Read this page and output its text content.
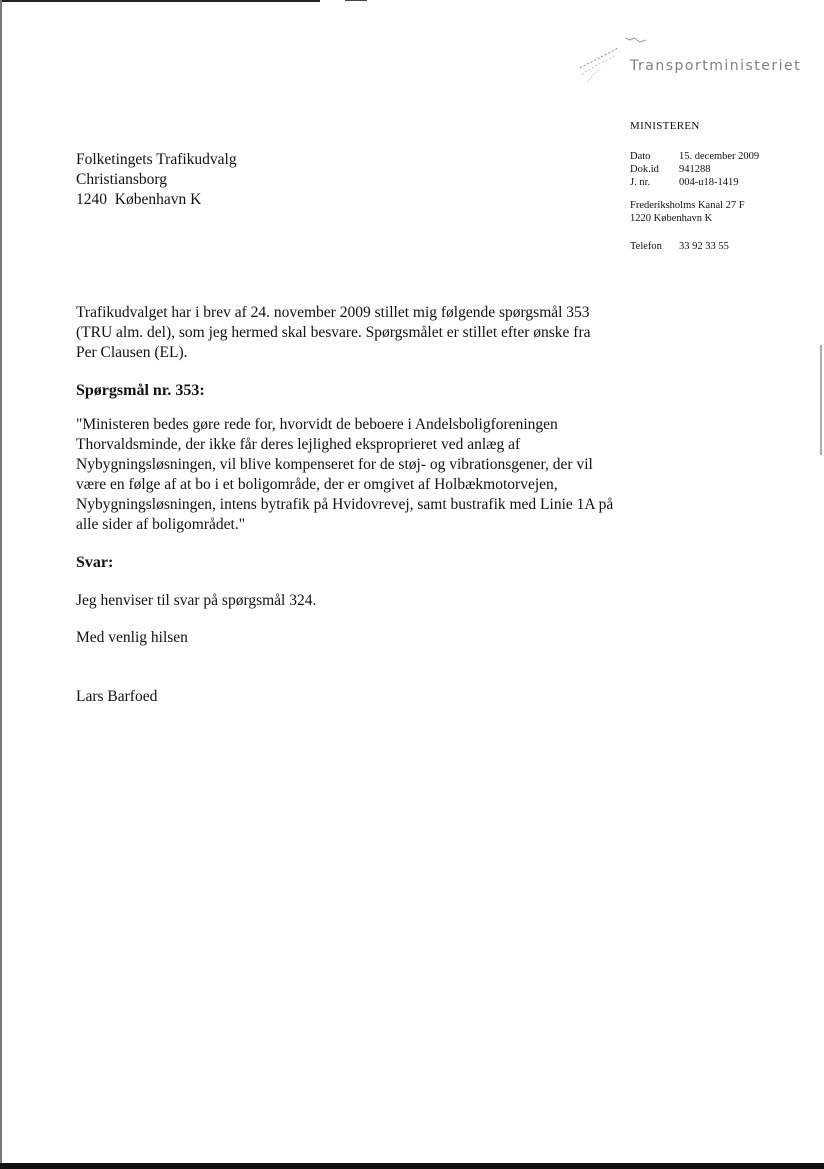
Transportministeriet
MINISTEREN
Dato	15. december 2009
Dok.id 941288
J. nr.	004-u18-1419
Frederiksholms Kanal 27 F
1220 København K
Telefon 33 92 33 55
Folketingets Trafikudvalg
Christiansborg
1240  København K
Trafikudvalget har i brev af 24. november 2009 stillet mig følgende spørgsmål 353 (TRU alm. del), som jeg hermed skal besvare. Spørgsmålet er stillet efter ønske fra Per Clausen (EL).
Spørgsmål nr. 353:
"Ministeren bedes gøre rede for, hvorvidt de beboere i Andelsboligforeningen Thorvaldsminde, der ikke får deres lejlighed eksproprieret ved anlæg af Nybygningsløsningen, vil blive kompenseret for de støj- og vibrationsgener, der vil være en følge af at bo i et boligområde, der er omgivet af Holbækmotorvejen, Nybygningsløsningen, intens bytrafik på Hvidovrevej, samt bustrafik med Linie 1A på alle sider af boligområdet."
Svar:
Jeg henviser til svar på spørgsmål 324.
Med venlig hilsen
Lars Barfoed
